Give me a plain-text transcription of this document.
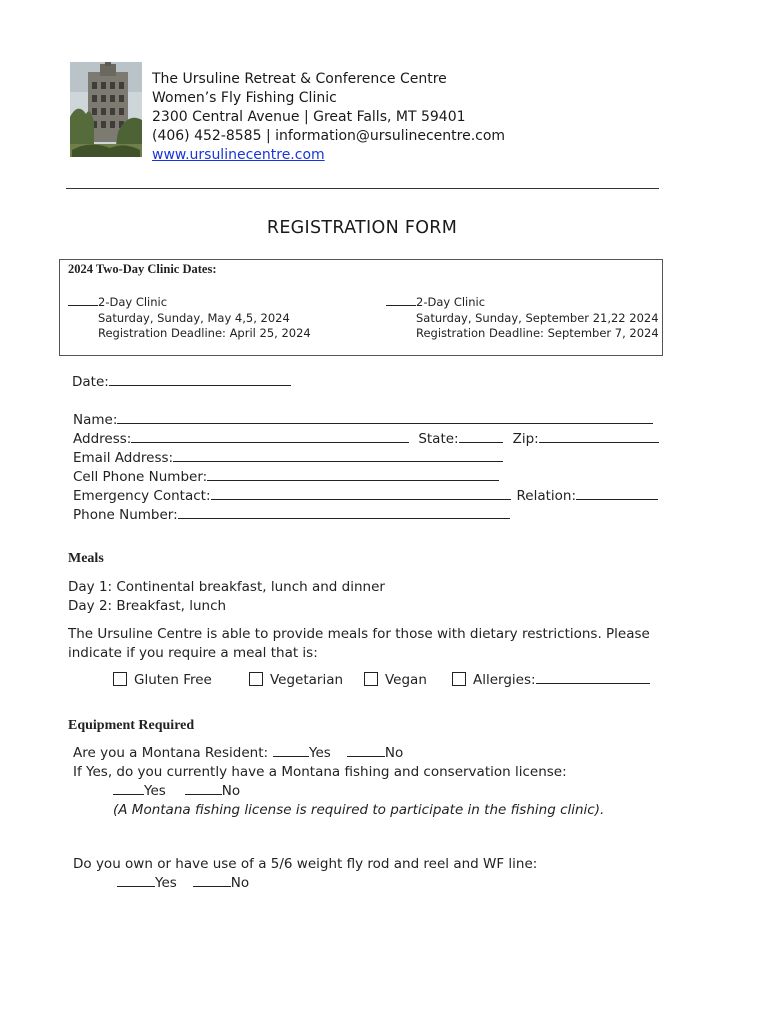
The Ursuline Retreat & Conference Centre
Women’s Fly Fishing Clinic
2300 Central Avenue | Great Falls, MT 59401
(406) 452-8585 | information@ursulinecentre.com
www.ursulinecentre.com
REGISTRATION FORM
2024 Two-Day Clinic Dates:
2-Day Clinic
Saturday, Sunday, May 4,5, 2024
Registration Deadline: April 25, 2024
2-Day Clinic
Saturday, Sunday, September 21,22 2024
Registration Deadline: September 7, 2024
Date:
Name:
Address:	State:	Zip:
Email Address:
Cell Phone Number:
Emergency Contact:	Relation:
Phone Number:
Meals
Day 1: Continental breakfast, lunch and dinner
Day 2: Breakfast, lunch
The Ursuline Centre is able to provide meals for those with dietary restrictions. Please
indicate if you require a meal that is:
Gluten Free	Vegetarian	Vegan	Allergies:
Equipment Required
Are you a Montana Resident:	Yes	No
If Yes, do you currently have a Montana fishing and conservation license:
Yes	No
(A Montana fishing license is required to participate in the fishing clinic).
Do you own or have use of a 5/6 weight fly rod and reel and WF line:
Yes	No
